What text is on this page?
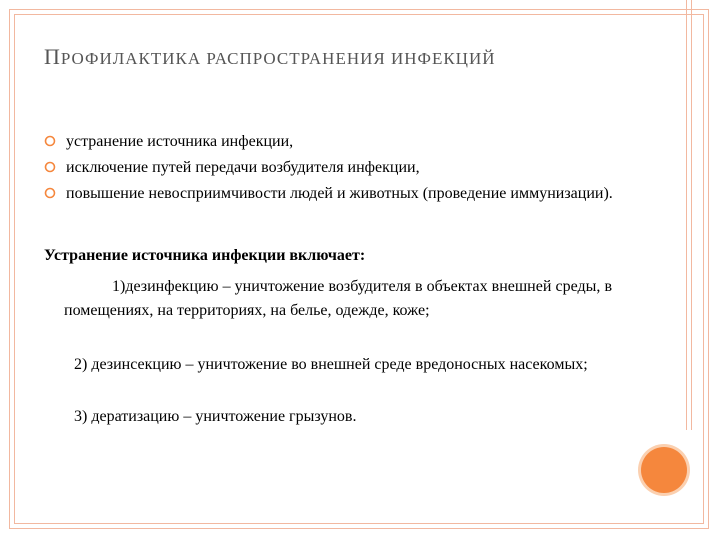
ПРОФИЛАКТИКА РАСПРОСТРАНЕНИЯ ИНФЕКЦИЙ
устранение источника инфекции,
исключение путей передачи возбудителя инфекции,
повышение невосприимчивости людей и животных (проведение иммунизации).
Устранение источника инфекции включает:
1)дезинфекцию – уничтожение возбудителя в объектах внешней среды, в помещениях, на территориях, на белье, одежде, коже;
2) дезинсекцию – уничтожение во внешней среде вредоносных насекомых;
3) дератизацию – уничтожение грызунов.
